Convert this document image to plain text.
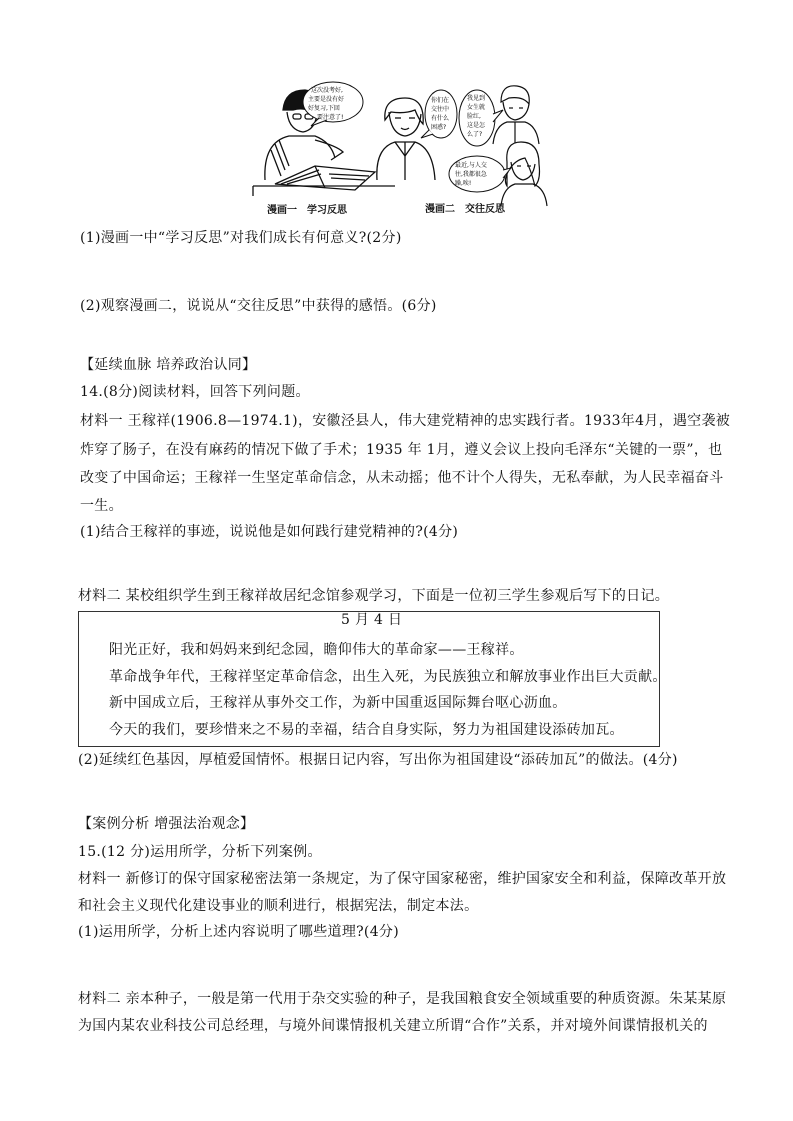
这次没考好,
主要是没有好
好复习,下回
要注意了!
你们在
交往中
有什么
困惑?
我见到
女生就
脸红,
这是怎
么了?
最近,与人交
往,我都很急
躁,唉!
漫画一　学习反思	漫画二　交往反思
(1)漫画一中“学习反思”对我们成长有何意义?(2分)
(2)观察漫画二，说说从“交往反思”中获得的感悟。(6分)
【延续血脉 培养政治认同】
14.(8分)阅读材料，回答下列问题。
材料一 王稼祥(1906.8—1974.1)，安徽泾县人，伟大建党精神的忠实践行者。1933年4月，遇空袭被
炸穿了肠子，在没有麻药的情况下做了手术；1935 年 1月，遵义会议上投向毛泽东“关键的一票”，也
改变了中国命运；王稼祥一生坚定革命信念，从未动摇；他不计个人得失，无私奉献，为人民幸福奋斗
一生。
(1)结合王稼祥的事迹，说说他是如何践行建党精神的?(4分)
材料二 某校组织学生到王稼祥故居纪念馆参观学习，下面是一位初三学生参观后写下的日记。
5 月 4 日
阳光正好，我和妈妈来到纪念园，瞻仰伟大的革命家——王稼祥。
革命战争年代，王稼祥坚定革命信念，出生入死，为民族独立和解放事业作出巨大贡献。
新中国成立后，王稼祥从事外交工作，为新中国重返国际舞台呕心沥血。
今天的我们，要珍惜来之不易的幸福，结合自身实际，努力为祖国建设添砖加瓦。
(2)延续红色基因，厚植爱国情怀。根据日记内容，写出你为祖国建设“添砖加瓦”的做法。(4分)
【案例分析 增强法治观念】
15.(12 分)运用所学，分析下列案例。
材料一 新修订的保守国家秘密法第一条规定，为了保守国家秘密，维护国家安全和利益，保障改革开放
和社会主义现代化建设事业的顺利进行，根据宪法，制定本法。
(1)运用所学，分析上述内容说明了哪些道理?(4分)
材料二 亲本种子，一般是第一代用于杂交实验的种子，是我国粮食安全领域重要的种质资源。朱某某原
为国内某农业科技公司总经理，与境外间谍情报机关建立所谓“合作”关系，并对境外间谍情报机关的
